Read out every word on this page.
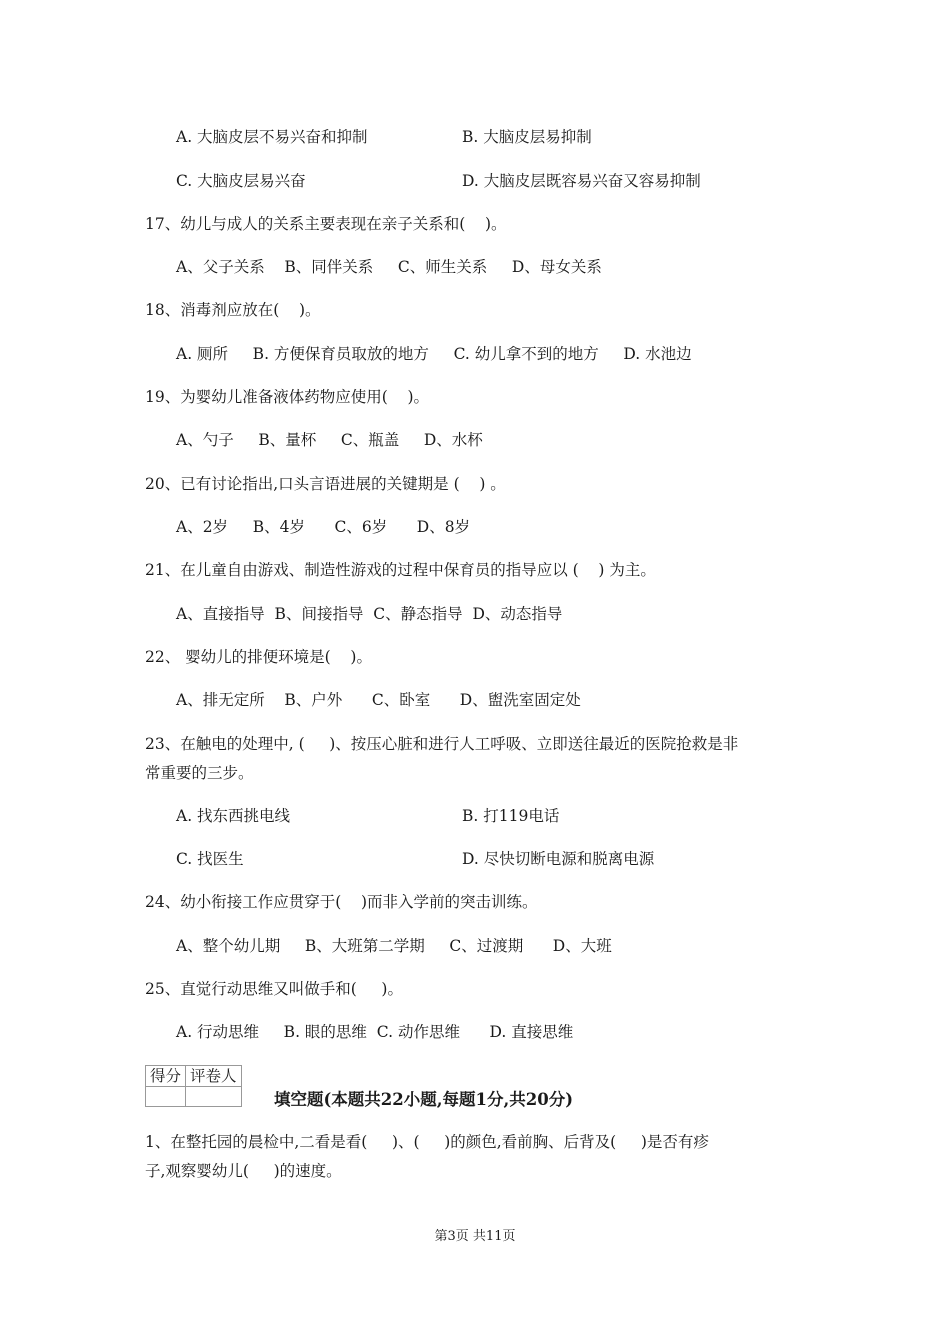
A. 大脑皮层不易兴奋和抑制	B. 大脑皮层易抑制
C. 大脑皮层易兴奋	D. 大脑皮层既容易兴奋又容易抑制
17、幼儿与成人的关系主要表现在亲子关系和(    )。
A、父子关系    B、同伴关系     C、师生关系     D、母女关系
18、消毒剂应放在(    )。
A. 厕所     B. 方便保育员取放的地方     C. 幼儿拿不到的地方     D. 水池边
19、为婴幼儿准备液体药物应使用(    )。
A、勺子     B、量杯     C、瓶盖     D、水杯
20、已有讨论指出,口头言语进展的关键期是 (    ) 。
A、2岁     B、4岁      C、6岁      D、8岁
21、在儿童自由游戏、制造性游戏的过程中保育员的指导应以 (    ) 为主。
A、直接指导  B、间接指导  C、静态指导  D、动态指导
22、 婴幼儿的排便环境是(    )。
A、排无定所    B、户外      C、卧室      D、盥洗室固定处
23、在触电的处理中, (     )、按压心脏和进行人工呼吸、立即送往最近的医院抢救是非
常重要的三步。
A. 找东西挑电线	B. 打119电话
C. 找医生	D. 尽快切断电源和脱离电源
24、幼小衔接工作应贯穿于(    )而非入学前的突击训练。
A、整个幼儿期     B、大班第二学期     C、过渡期      D、大班
25、直觉行动思维又叫做手和(     )。
A. 行动思维     B. 眼的思维  C. 动作思维      D. 直接思维
得分	评卷人

填空题(本题共22小题,每题1分,共20分)
1、在整托园的晨检中,二看是看(     )、(     )的颜色,看前胸、后背及(     )是否有疹
子,观察婴幼儿(     )的速度。
第3页 共11页
